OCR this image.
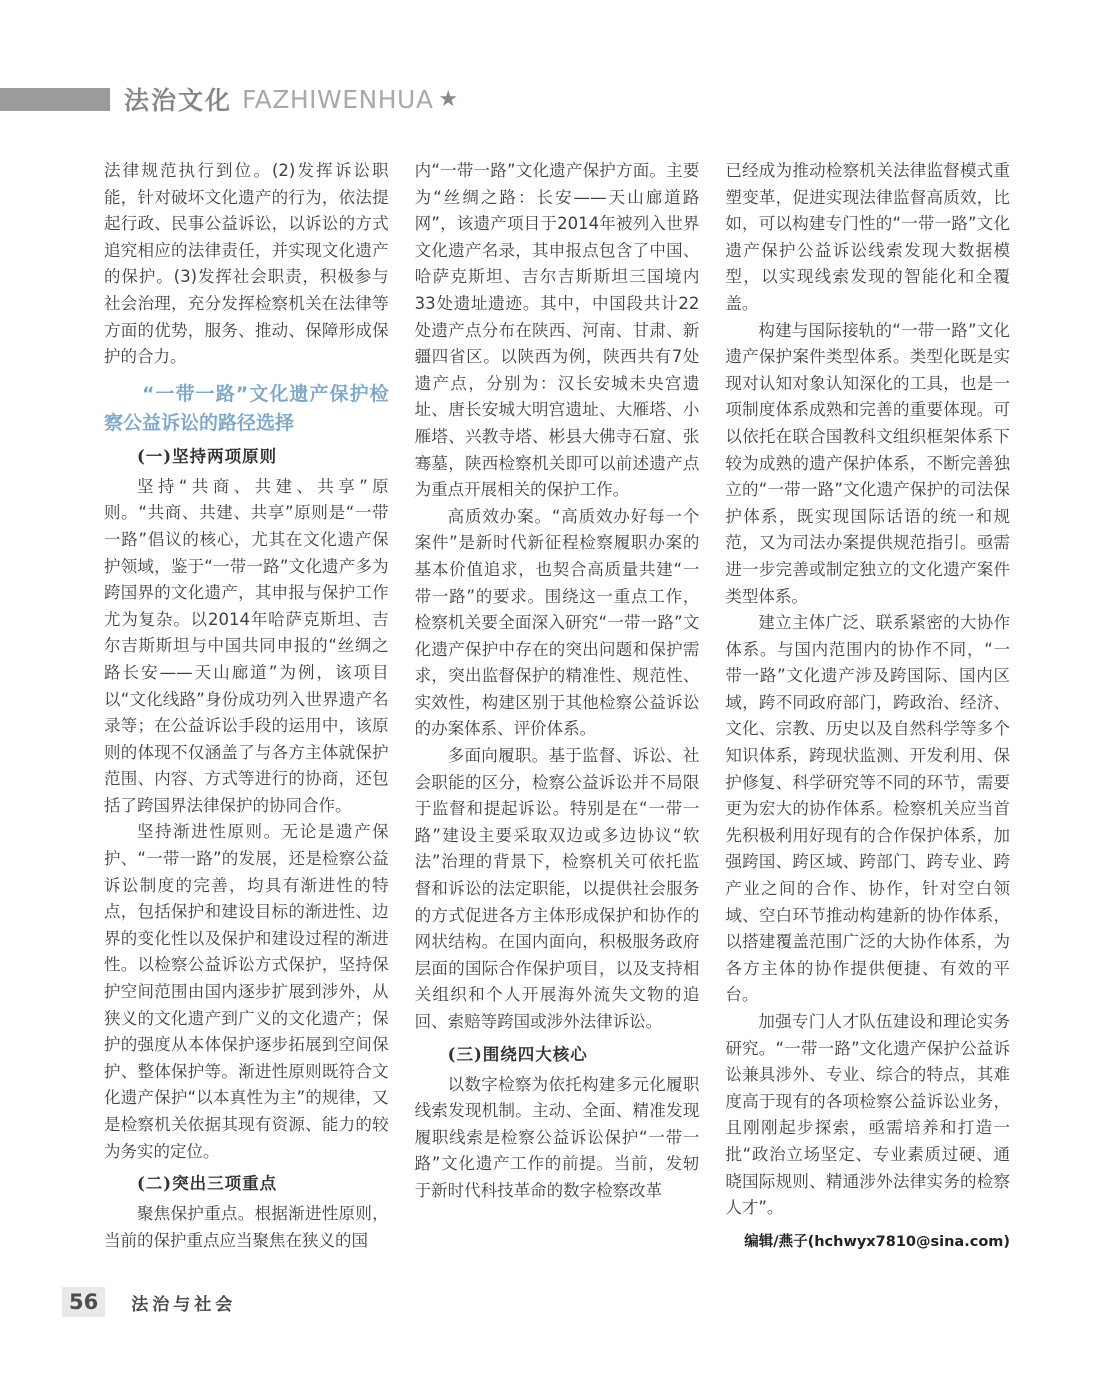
法治文化 FAZHIWENHUA ★

法律规范执行到位。(2)发挥诉讼职能，针对破坏文化遗产的行为，依法提起行政、民事公益诉讼，以诉讼的方式追究相应的法律责任，并实现文化遗产的保护。(3)发挥社会职责，积极参与社会治理，充分发挥检察机关在法律等方面的优势，服务、推动、保障形成保护的合力。

“一带一路”文化遗产保护检察公益诉讼的路径选择
(一)坚持两项原则

坚持“共商、共建、共享”原则。“共商、共建、共享”原则是“一带一路”倡议的核心，尤其在文化遗产保护领域，鉴于“一带一路”文化遗产多为跨国界的文化遗产，其申报与保护工作尤为复杂。以2014年哈萨克斯坦、吉尔吉斯斯坦与中国共同申报的“丝绸之路长安——天山廊道”为例，该项目以“文化线路”身份成功列入世界遗产名录等；在公益诉讼手段的运用中，该原则的体现不仅涵盖了与各方主体就保护范围、内容、方式等进行的协商，还包括了跨国界法律保护的协同合作。

坚持渐进性原则。无论是遗产保护、“一带一路”的发展，还是检察公益诉讼制度的完善，均具有渐进性的特点，包括保护和建设目标的渐进性、边界的变化性以及保护和建设过程的渐进性。以检察公益诉讼方式保护，坚持保护空间范围由国内逐步扩展到涉外，从狭义的文化遗产到广义的文化遗产；保护的强度从本体保护逐步拓展到空间保护、整体保护等。渐进性原则既符合文化遗产保护“以本真性为主”的规律，又是检察机关依据其现有资源、能力的较为务实的定位。

(二)突出三项重点

聚焦保护重点。根据渐进性原则，当前的保护重点应当聚焦在狭义的国

内“一带一路”文化遗产保护方面。主要为“丝绸之路：长安——天山廊道路网”，该遗产项目于2014年被列入世界文化遗产名录，其申报点包含了中国、哈萨克斯坦、吉尔吉斯斯坦三国境内33处遗址遗迹。其中，中国段共计22处遗产点分布在陕西、河南、甘肃、新疆四省区。以陕西为例，陕西共有7处遗产点，分别为：汉长安城未央宫遗址、唐长安城大明宫遗址、大雁塔、小雁塔、兴教寺塔、彬县大佛寺石窟、张骞墓，陕西检察机关即可以前述遗产点为重点开展相关的保护工作。

高质效办案。“高质效办好每一个案件”是新时代新征程检察履职办案的基本价值追求，也契合高质量共建“一带一路”的要求。围绕这一重点工作，检察机关要全面深入研究“一带一路”文化遗产保护中存在的突出问题和保护需求，突出监督保护的精准性、规范性、实效性，构建区别于其他检察公益诉讼的办案体系、评价体系。

多面向履职。基于监督、诉讼、社会职能的区分，检察公益诉讼并不局限于监督和提起诉讼。特别是在“一带一路”建设主要采取双边或多边协议“软法”治理的背景下，检察机关可依托监督和诉讼的法定职能，以提供社会服务的方式促进各方主体形成保护和协作的网状结构。在国内面向，积极服务政府层面的国际合作保护项目，以及支持相关组织和个人开展海外流失文物的追回、索赔等跨国或涉外法律诉讼。

(三)围绕四大核心

以数字检察为依托构建多元化履职线索发现机制。主动、全面、精准发现履职线索是检察公益诉讼保护“一带一路”文化遗产工作的前提。当前，发轫于新时代科技革命的数字检察改革

已经成为推动检察机关法律监督模式重塑变革，促进实现法律监督高质效，比如，可以构建专门性的“一带一路”文化遗产保护公益诉讼线索发现大数据模型，以实现线索发现的智能化和全覆盖。

构建与国际接轨的“一带一路”文化遗产保护案件类型体系。类型化既是实现对认知对象认知深化的工具，也是一项制度体系成熟和完善的重要体现。可以依托在联合国教科文组织框架体系下较为成熟的遗产保护体系，不断完善独立的“一带一路”文化遗产保护的司法保护体系，既实现国际话语的统一和规范，又为司法办案提供规范指引。亟需进一步完善或制定独立的文化遗产案件类型体系。

建立主体广泛、联系紧密的大协作体系。与国内范围内的协作不同，“一带一路”文化遗产涉及跨国际、国内区域，跨不同政府部门，跨政治、经济、文化、宗教、历史以及自然科学等多个知识体系，跨现状监测、开发利用、保护修复、科学研究等不同的环节，需要更为宏大的协作体系。检察机关应当首先积极利用好现有的合作保护体系，加强跨国、跨区域、跨部门、跨专业、跨产业之间的合作、协作，针对空白领域、空白环节推动构建新的协作体系，以搭建覆盖范围广泛的大协作体系，为各方主体的协作提供便捷、有效的平台。

加强专门人才队伍建设和理论实务研究。“一带一路”文化遗产保护公益诉讼兼具涉外、专业、综合的特点，其难度高于现有的各项检察公益诉讼业务，且刚刚起步探索，亟需培养和打造一批“政治立场坚定、专业素质过硬、通晓国际规则、精通涉外法律实务的检察人才”。

编辑/燕子(hchwyx7810@sina.com)

56	法治与社会
